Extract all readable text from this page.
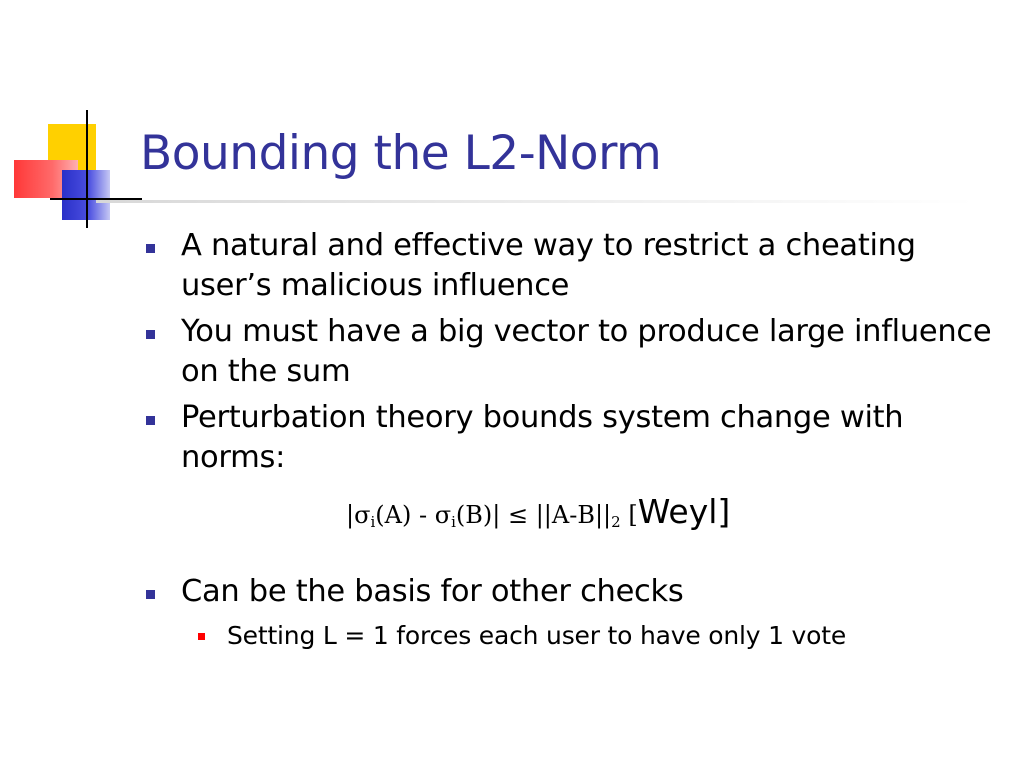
Bounding the L2-Norm
A natural and effective way to restrict a cheating user’s malicious influence
You must have a big vector to produce large influence on the sum
Perturbation theory bounds system change with norms:
$|\sigma_i(A) - \sigma_i(B)| \le ||A-B||_2$ [Weyl]
Can be the basis for other checks
Setting L = 1 forces each user to have only 1 vote
